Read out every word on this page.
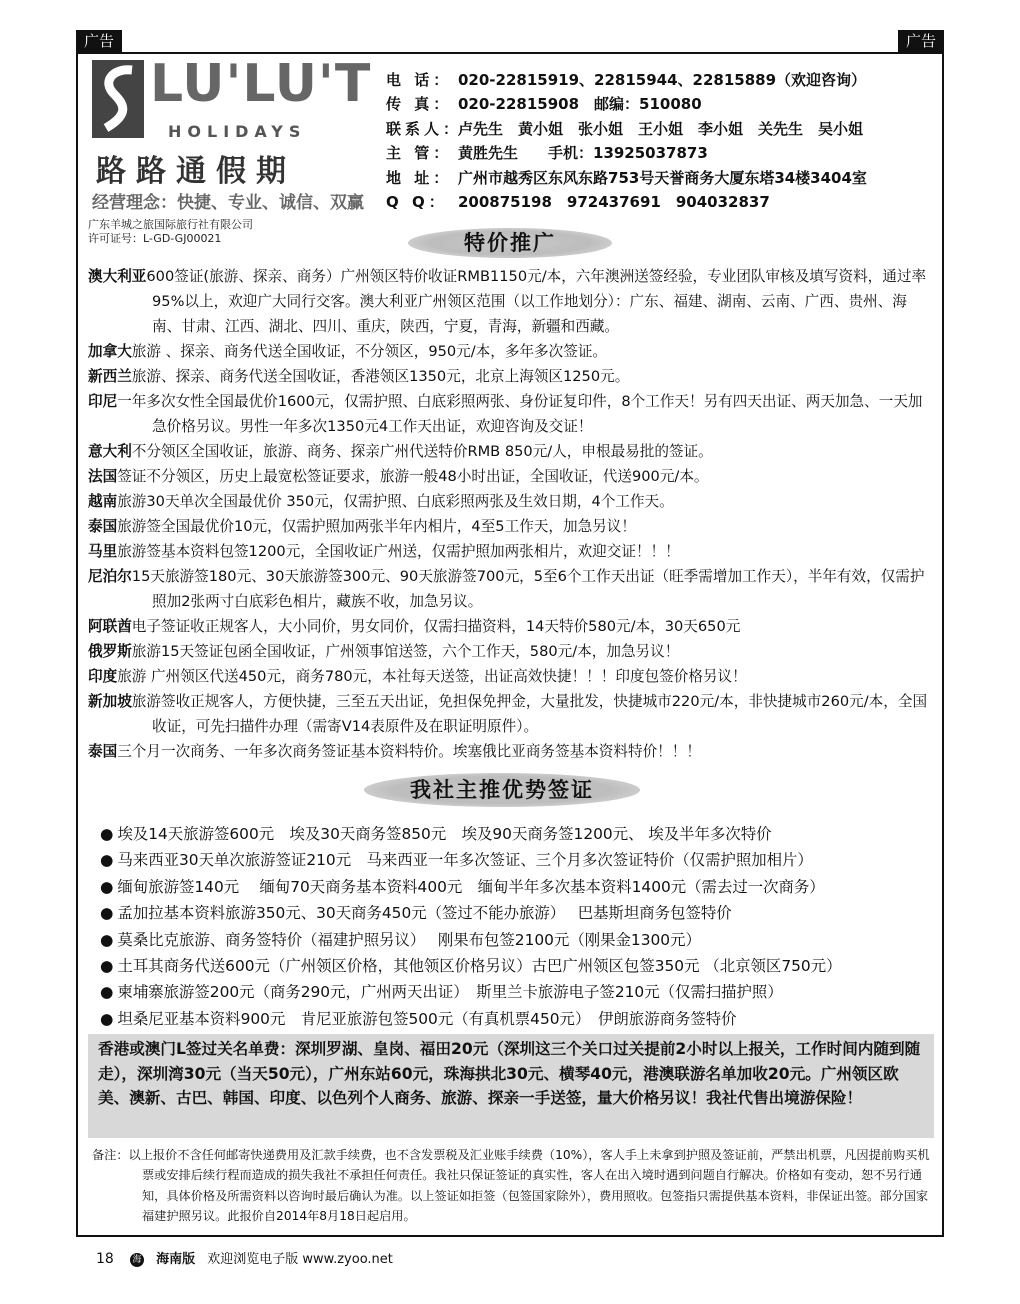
广告	广告
LU'LU'T
HOLIDAYS
路路通假期
经营理念：快捷、专业、诚信、双赢
广东羊城之旅国际旅行社有限公司
许可证号：L-GD-GJ00021
电 话： 020-22815919、22815944、22815889（欢迎咨询）
传 真： 020-22815908　邮编：510080
联系人：卢先生　黄小姐　张小姐　王小姐　李小姐　关先生　吴小姐
主 管： 黄胜先生　　手机：13925037873
地 址： 广州市越秀区东风东路753号天誉商务大厦东塔34楼3404室
Q Q： 200875198　972437691　904032837
特价推广

澳大利亚600签证(旅游、探亲、商务）广州领区特价收证RMB1150元/本，六年澳洲送签经验，专业团队审核及填写资料，通过率95%以上，欢迎广大同行交客。澳大利亚广州领区范围（以工作地划分）：广东、福建、湖南、云南、广西、贵州、海南、甘肃、江西、湖北、四川、重庆，陕西，宁夏，青海，新疆和西藏。

加拿大旅游 、探亲、商务代送全国收证，不分领区，950元/本，多年多次签证。

新西兰旅游、探亲、商务代送全国收证，香港领区1350元，北京上海领区1250元。

印尼一年多次女性全国最优价1600元，仅需护照、白底彩照两张、身份证复印件，8个工作天！另有四天出证、两天加急、一天加急价格另议。男性一年多次1350元4工作天出证，欢迎咨询及交证！

意大利不分领区全国收证，旅游、商务、探亲广州代送特价RMB 850元/人，申根最易批的签证。

法国签证不分领区，历史上最宽松签证要求，旅游一般48小时出证，全国收证，代送900元/本。

越南旅游30天单次全国最优价 350元，仅需护照、白底彩照两张及生效日期，4个工作天。

泰国旅游签全国最优价10元，仅需护照加两张半年内相片，4至5工作天，加急另议！

马里旅游签基本资料包签1200元，全国收证广州送，仅需护照加两张相片，欢迎交证！！！

尼泊尔15天旅游签180元、30天旅游签300元、90天旅游签700元，5至6个工作天出证（旺季需增加工作天），半年有效，仅需护照加2张两寸白底彩色相片，藏族不收，加急另议。

阿联酋电子签证收正规客人，大小同价，男女同价，仅需扫描资料，14天特价580元/本，30天650元

俄罗斯旅游15天签证包函全国收证，广州领事馆送签，六个工作天，580元/本，加急另议！

印度旅游 广州领区代送450元，商务780元，本社每天送签，出证高效快捷！！！印度包签价格另议！

新加坡旅游签收正规客人，方便快捷，三至五天出证，免担保免押金，大量批发，快捷城市220元/本，非快捷城市260元/本，全国收证，可先扫描件办理（需寄V14表原件及在职证明原件）。

泰国三个月一次商务、一年多次商务签证基本资料特价。埃塞俄比亚商务签基本资料特价！！！

我社主推优势签证
● 埃及14天旅游签600元　埃及30天商务签850元　埃及90天商务签1200元、 埃及半年多次特价
● 马来西亚30天单次旅游签证210元　马来西亚一年多次签证、三个月多次签证特价（仅需护照加相片）
● 缅甸旅游签140元　 缅甸70天商务基本资料400元　缅甸半年多次基本资料1400元（需去过一次商务）
● 孟加拉基本资料旅游350元、30天商务450元（签过不能办旅游）　 巴基斯坦商务包签特价
● 莫桑比克旅游、商务签特价（福建护照另议）　 刚果布包签2100元（刚果金1300元）
● 土耳其商务代送600元（广州领区价格，其他领区价格另议）古巴广州领区包签350元 （北京领区750元）
● 柬埔寨旅游签200元（商务290元，广州两天出证）　斯里兰卡旅游电子签210元（仅需扫描护照）
● 坦桑尼亚基本资料900元　肯尼亚旅游包签500元（有真机票450元）　伊朗旅游商务签特价
香港或澳门L签过关名单费：深圳罗湖、皇岗、福田20元（深圳这三个关口过关提前2小时以上报关，工作时间内随到随走），深圳湾30元（当天50元），广州东站60元，珠海拱北30元、横琴40元，港澳联游名单加收20元。广州领区欧美、澳新、古巴、韩国、印度、以色列个人商务、旅游、探亲一手送签，量大价格另议！我社代售出境游保险！

备注：以上报价不含任何邮寄快递费用及汇款手续费，也不含发票税及汇业账手续费（10%），客人手上未拿到护照及签证前，严禁出机票，凡因提前购买机票或安排后续行程而造成的损失我社不承担任何责任。我社只保证签证的真实性，客人在出入境时遇到问题自行解决。价格如有变动，恕不另行通知，具体价格及所需资料以咨询时最后确认为准。以上签证如拒签（包签国家除外），费用照收。包签指只需提供基本资料，非保证出签。部分国家福建护照另议。此报价自2014年8月18日起启用。

18 海 海南版 欢迎浏览电子版 www.zyoo.net
